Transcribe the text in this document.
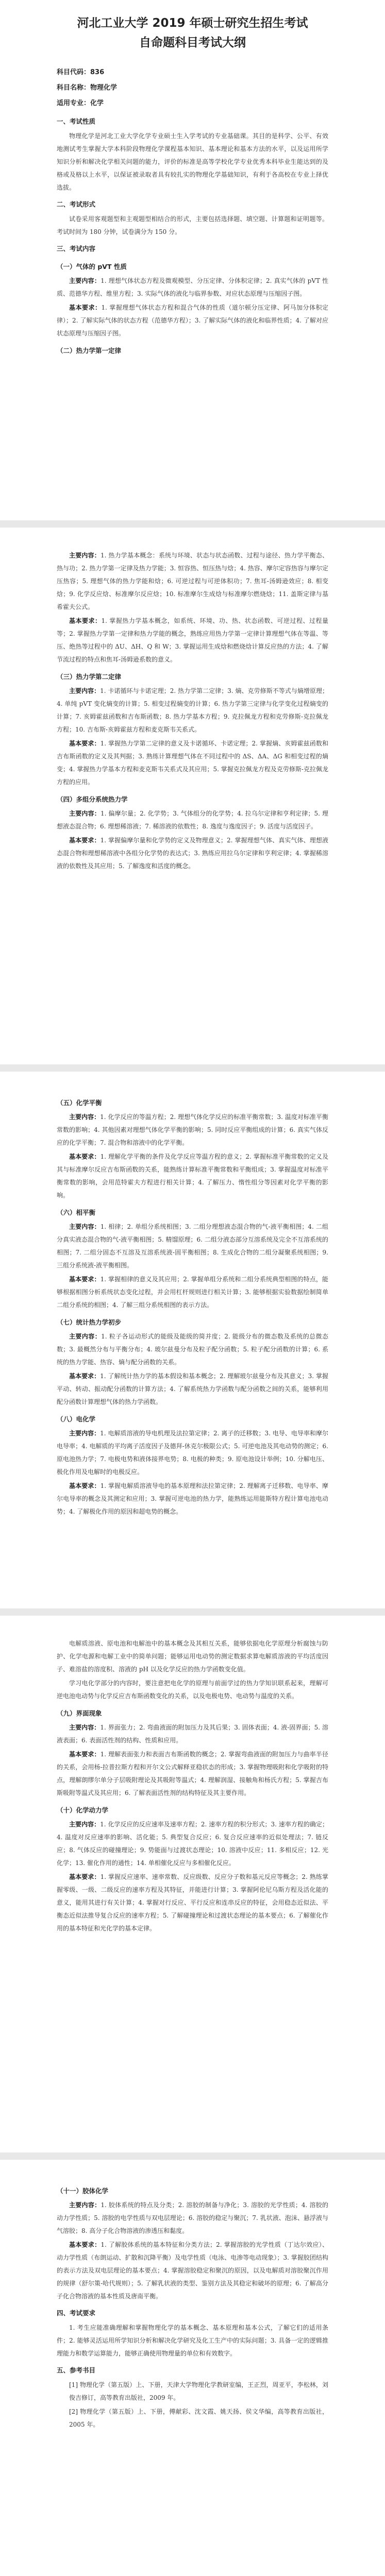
河北工业大学 2019 年硕士研究生招生考试
自命题科目考试大纲
科目代码：836
科目名称：物理化学
适用专业：化学
一、考试性质

物理化学是河北工业大学化学专业硕士生入学考试的专业基础课。其目的是科学、公平、有效地测试考生掌握大学本科阶段物理化学课程基本知识、基本理论和基本方法的水平，以及运用所学知识分析和解决化学相关问题的能力，评价的标准是高等学校化学专业优秀本科毕业生能达到的及格或及格以上水平，以保证被录取者具有较扎实的物理化学基础知识，有利于各高校在专业上择优选拔。

二、考试形式

试卷采用客观题型和主观题型相结合的形式，主要包括选择题、填空题、计算题和证明题等。考试时间为 180 分钟，试卷满分为 150 分。

三、考试内容
（一）气体的 pVT 性质

主要内容：1. 理想气体状态方程及微观模型、分压定律、分体积定律；2. 真实气体的 pVT 性质、范德华方程、维里方程；3. 实际气体的液化与临界参数、对应状态原理与压缩因子图。

基本要求：1. 掌握理想气体状态方程和混合气体的性质（道尔顿分压定律、阿马加分体积定律）；2. 了解实际气体的状态方程（范德华方程）；3. 了解实际气体的液化和临界性质；4. 了解对应状态原理与压缩因子图。

（二）热力学第一定律

主要内容：1. 热力学基本概念：系统与环境、状态与状态函数、过程与途径、热力学平衡态、热与功；2. 热力学第一定律及热力学能；3. 恒容热、恒压热与焓；4. 热容、摩尔定容热容与摩尔定压热容；5. 理想气体的热力学能和焓；6. 可逆过程与可逆体积功；7. 焦耳-汤姆逊效应；8. 相变焓；9. 化学反应焓、标准摩尔反应焓；10. 标准摩尔生成焓与标准摩尔燃烧焓；11. 盖斯定律与基希霍夫公式。

基本要求：1. 掌握热力学基本概念，如系统、环境、功、热、状态函数、可逆过程、过程量等；2. 掌握热力学第一定律和热力学能的概念，熟练应用热力学第一定律计算理想气体在等温、等压、绝热等过程中的 ΔU、ΔH、Q 和 W；3. 掌握运用生成焓和燃烧焓计算反应热的方法；4. 了解节流过程的特点和焦耳-汤姆逊系数的意义。

（三）热力学第二定律

主要内容：1. 卡诺循环与卡诺定理；2. 热力学第二定律；3. 熵、克劳修斯不等式与熵增原理；4. 单纯 pVT 变化熵变的计算；5. 相变过程熵变的计算；6. 热力学第三定律与化学变化过程熵变的计算；7. 亥姆霍兹函数和吉布斯函数；8. 热力学基本方程；9. 克拉佩龙方程和克劳修斯-克拉佩龙方程；10. 吉布斯-亥姆霍兹方程和麦克斯韦关系式。

基本要求：1. 掌握热力学第二定律的意义及卡诺循环、卡诺定理；2. 掌握熵、亥姆霍兹函数和吉布斯函数的定义及其判据；3. 熟练计算理想气体在不同过程中的 ΔS、ΔA、ΔG 和相变过程的熵变；4. 掌握热力学基本方程和麦克斯韦关系式及其应用；5. 掌握克拉佩龙方程及克劳修斯-克拉佩龙方程的应用。

（四）多组分系统热力学

主要内容：1. 偏摩尔量；2. 化学势；3. 气体组分的化学势；4. 拉乌尔定律和亨利定律；5. 理想液态混合物；6. 理想稀溶液；7. 稀溶液的依数性；8. 逸度与逸度因子；9. 活度与活度因子。

基本要求：1. 掌握偏摩尔量和化学势的定义及物理意义；2. 掌握理想气体、真实气体、理想液态混合物和理想稀溶液中各组分化学势的表达式；3. 熟练应用拉乌尔定律和亨利定律；4. 掌握稀溶液的依数性及其应用；5. 了解逸度和活度的概念。

（五）化学平衡

主要内容：1. 化学反应的等温方程；2. 理想气体化学反应的标准平衡常数；3. 温度对标准平衡常数的影响；4. 其他因素对理想气体化学平衡的影响；5. 同时反应平衡组成的计算；6. 真实气体反应的化学平衡；7. 混合物和溶液中的化学平衡。

基本要求：1. 理解化学平衡的条件及化学反应等温方程的意义；2. 掌握标准平衡常数的定义及其与标准摩尔反应吉布斯函数的关系，能熟练计算标准平衡常数和平衡组成；3. 掌握温度对标准平衡常数的影响，会用范特霍夫方程进行相关计算；4. 了解压力、惰性组分等因素对化学平衡的影响。

（六）相平衡

主要内容：1. 相律；2. 单组分系统相图；3. 二组分理想液态混合物的气-液平衡相图；4. 二组分真实液态混合物的气-液平衡相图；5. 精馏原理；6. 二组分液态部分互溶系统及完全不互溶系统的相图；7. 二组分固态不互溶及互溶系统液-固平衡相图；8. 生成化合物的二组分凝聚系统相图；9. 三组分系统液-液平衡相图。

基本要求：1. 掌握相律的意义及其应用；2. 掌握单组分系统和二组分系统典型相图的特点，能够根据相图分析系统状态变化过程，并会用杠杆规则进行相关计算；3. 能够根据实验数据绘制简单二组分系统的相图；4. 了解三组分系统相图的表示方法。

（七）统计热力学初步

主要内容：1. 粒子各运动形式的能级及能级的简并度；2. 能级分布的微态数及系统的总微态数；3. 最概然分布与平衡分布；4. 玻尔兹曼分布及粒子配分函数；5. 粒子配分函数的计算；6. 系统的热力学能、热容、熵与配分函数的关系。

基本要求：1. 了解统计热力学的基本假设和基本概念；2. 理解玻尔兹曼分布及其意义；3. 掌握平动、转动、振动配分函数的计算方法；4. 了解系统热力学函数与配分函数之间的关系，能够利用配分函数计算理想气体的热力学函数。

（八）电化学

主要内容：1. 电解质溶液的导电机理及法拉第定律；2. 离子的迁移数；3. 电导、电导率和摩尔电导率；4. 电解质的平均离子活度因子及德拜-休克尔极限公式；5. 可逆电池及其电动势的测定；6. 原电池热力学；7. 电极电势和液体接界电势；8. 电极的种类；9. 原电池设计举例；10. 分解电压、极化作用及电解时的电极反应。

基本要求：1. 掌握电解质溶液导电的基本原理和法拉第定律；2. 理解离子迁移数、电导率、摩尔电导率的概念及其测定和应用；3. 掌握可逆电池的热力学，能熟练运用能斯特方程计算电池电动势；4. 了解极化作用的原因和超电势的概念。

电解质溶液、原电池和电解池中的基本概念及其相互关系，能够依据电化学原理分析腐蚀与防护、化学电源和电解工业中的简单问题；能够运用电动势的测定数据求算电解质溶液的平均活度因子、难溶盐的溶度积、溶液的 pH 以及化学反应的热力学函数变化值。

学习电化学部分的内容时，要注意把电化学的原理与前面学过的热力学知识联系起来，理解可逆电池电动势与化学反应吉布斯函数变化的关系，以及电极电势、电动势与温度的关系。

（九）界面现象

主要内容：1. 界面张力；2. 弯曲液面的附加压力及其后果；3. 固体表面；4. 液-固界面；5. 溶液表面；6. 表面活性剂的结构、性质和应用。

基本要求：1. 理解表面张力和表面吉布斯函数的概念；2. 掌握弯曲液面的附加压力与曲率半径的关系，会用杨-拉普拉斯方程和开尔文公式解释亚稳状态的形成；3. 掌握物理吸附和化学吸附的特点，理解朗缪尔单分子层吸附理论及其吸附等温式；4. 理解润湿、接触角和杨氏方程；5. 掌握吉布斯吸附等温式及其应用；6. 了解表面活性剂的结构特征及其主要作用。

（十）化学动力学

主要内容：1. 化学反应的反应速率及速率方程；2. 速率方程的积分形式；3. 速率方程的确定；4. 温度对反应速率的影响、活化能；5. 典型复合反应；6. 复合反应速率的近似处理法；7. 链反应；8. 气体反应的碰撞理论；9. 势能面与过渡状态理论；10. 溶液中反应；11. 多相反应；12. 光化学；13. 催化作用的通性；14. 单相催化反应与多相催化反应。

基本要求：1. 掌握反应速率、速率常数、反应级数、反应分子数和基元反应等概念；2. 熟练掌握零级、一级、二级反应的速率方程及其特征，并能进行计算；3. 掌握阿伦尼乌斯方程及活化能的意义，能用其进行有关计算；4. 掌握对行反应、平行反应和连串反应的特征，会用稳态近似法、平衡态近似法推导复合反应的速率方程；5. 了解碰撞理论和过渡状态理论的基本要点；6. 了解催化作用的基本特征和光化学的基本定律。

（十一）胶体化学

主要内容：1. 胶体系统的特点及分类；2. 溶胶的制备与净化；3. 溶胶的光学性质；4. 溶胶的动力学性质；5. 溶胶的电学性质与双电层理论；6. 溶胶的稳定与聚沉；7. 乳状液、泡沫、悬浮液与气溶胶；8. 高分子化合物溶液的渗透压和黏度。

基本要求：1. 了解胶体系统的基本特征和分类方法；2. 掌握溶胶的光学性质（丁达尔效应）、动力学性质（布朗运动、扩散和沉降平衡）及电学性质（电泳、电渗等电动现象）；3. 掌握胶团结构的表示方法及双电层理论的基本要点；4. 掌握溶胶稳定和聚沉的原因，以及电解质对溶胶聚沉作用的规律（舒尔策-哈代规则）；5. 了解乳状液的类型、鉴别方法及其稳定和破坏的原理；6. 了解高分子化合物溶液的基本性质及唐南平衡。

四、考试要求

1. 考生应能准确理解和掌握物理化学的基本概念、基本原理和基本公式，了解它们的适用条件；2. 能够灵活运用所学知识分析和解决化学研究及化工生产中的实际问题；3. 具备一定的逻辑推理能力和数学运算能力，能够正确使用物理量的单位和有效数字。

五、参考书目

[1] 物理化学（第五版）上、下册，天津大学物理化学教研室编，王正烈，周亚平，李松林，刘俊吉修订，高等教育出版社，2009 年。

[2] 物理化学（第五版）上、下册，傅献彩、沈文霞、姚天扬、侯文华编，高等教育出版社，2005 年。
